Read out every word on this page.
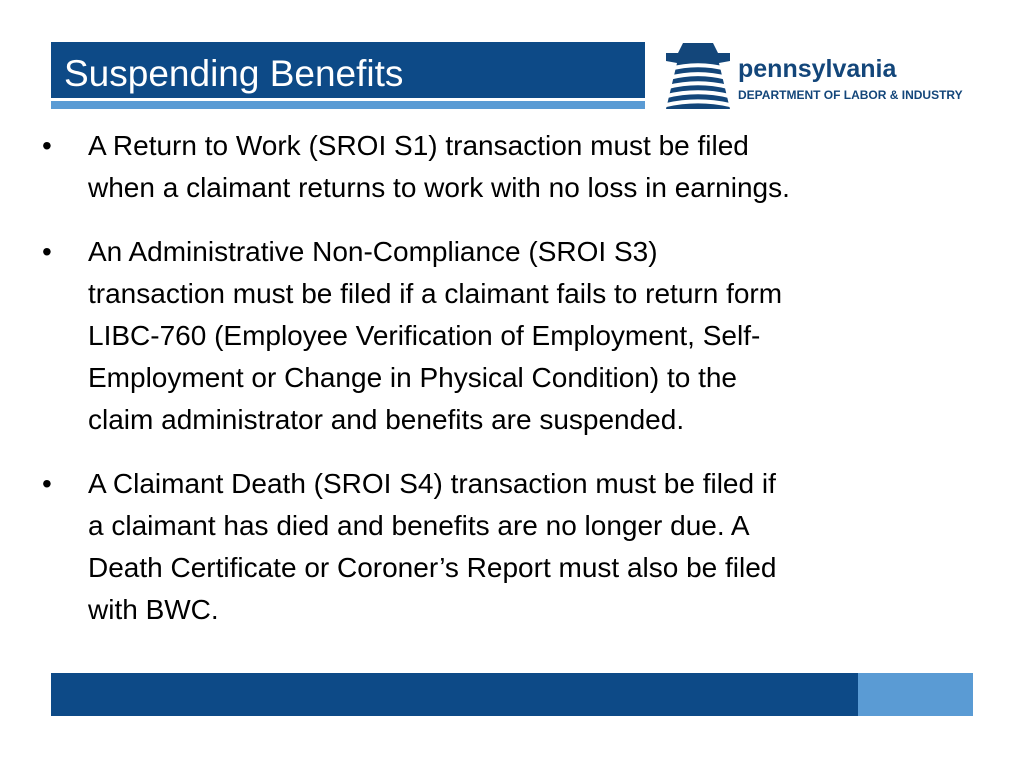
Suspending Benefits	pennsylvania
DEPARTMENT OF LABOR & INDUSTRY
• A Return to Work (SROI S1) transaction must be filed
when a claimant returns to work with no loss in earnings.
• An Administrative Non-Compliance (SROI S3)
transaction must be filed if a claimant fails to return form
LIBC-760 (Employee Verification of Employment, Self-
Employment or Change in Physical Condition) to the
claim administrator and benefits are suspended.
• A Claimant Death (SROI S4) transaction must be filed if
a claimant has died and benefits are no longer due. A
Death Certificate or Coroner’s Report must also be filed
with BWC.
